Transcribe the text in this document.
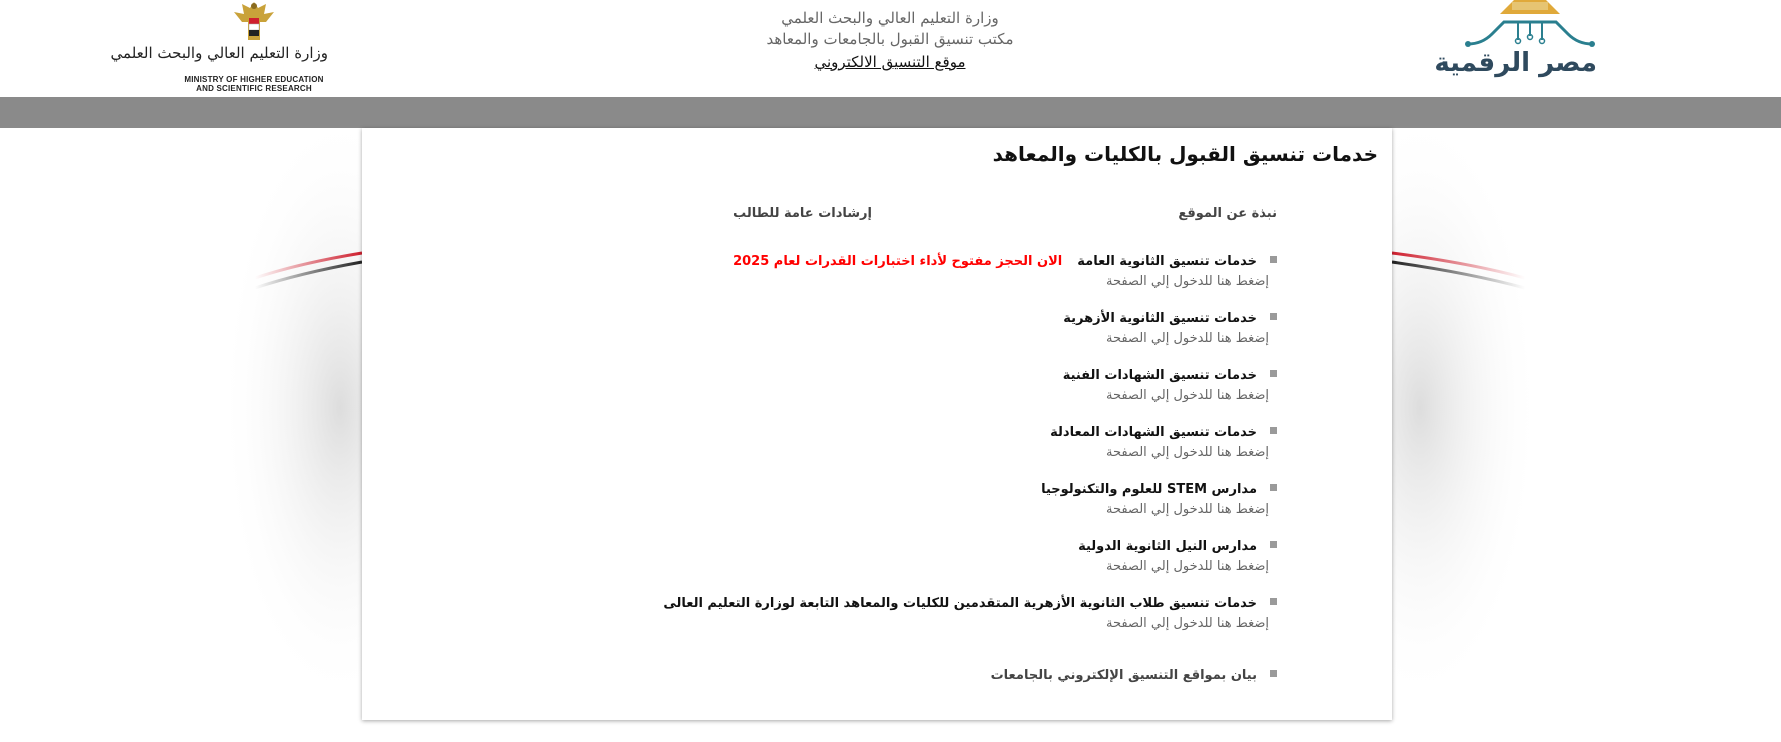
وزارة التعليم العالي والبحث العلمي
MINISTRY OF HIGHER EDUCATION
AND SCIENTIFIC RESEARCH
وزارة التعليم العالي والبحث العلمي
مكتب تنسيق القبول بالجامعات والمعاهد
موقع التنسيق الالكتروني	مصر الرقمية
خدمات تنسيق القبول بالكليات والمعاهد
نبذة عن الموقع
إرشادات عامة للطالب
خدمات تنسيق الثانوية العامة الان الحجز مفتوح لأداء اختبارات القدرات لعام 2025
إضغط هنا للدخول إلي الصفحة
خدمات تنسيق الثانوية الأزهرية
إضغط هنا للدخول إلي الصفحة
خدمات تنسيق الشهادات الفنية
إضغط هنا للدخول إلي الصفحة
خدمات تنسيق الشهادات المعادلة
إضغط هنا للدخول إلي الصفحة
مدارس STEM للعلوم والتكنولوجيا
إضغط هنا للدخول إلي الصفحة
مدارس النيل الثانوية الدولية
إضغط هنا للدخول إلي الصفحة
خدمات تنسيق طلاب الثانوية الأزهرية المتقدمين للكليات والمعاهد التابعة لوزارة التعليم العالى
إضغط هنا للدخول إلي الصفحة
بيان بمواقع التنسيق الإلكتروني بالجامعات
